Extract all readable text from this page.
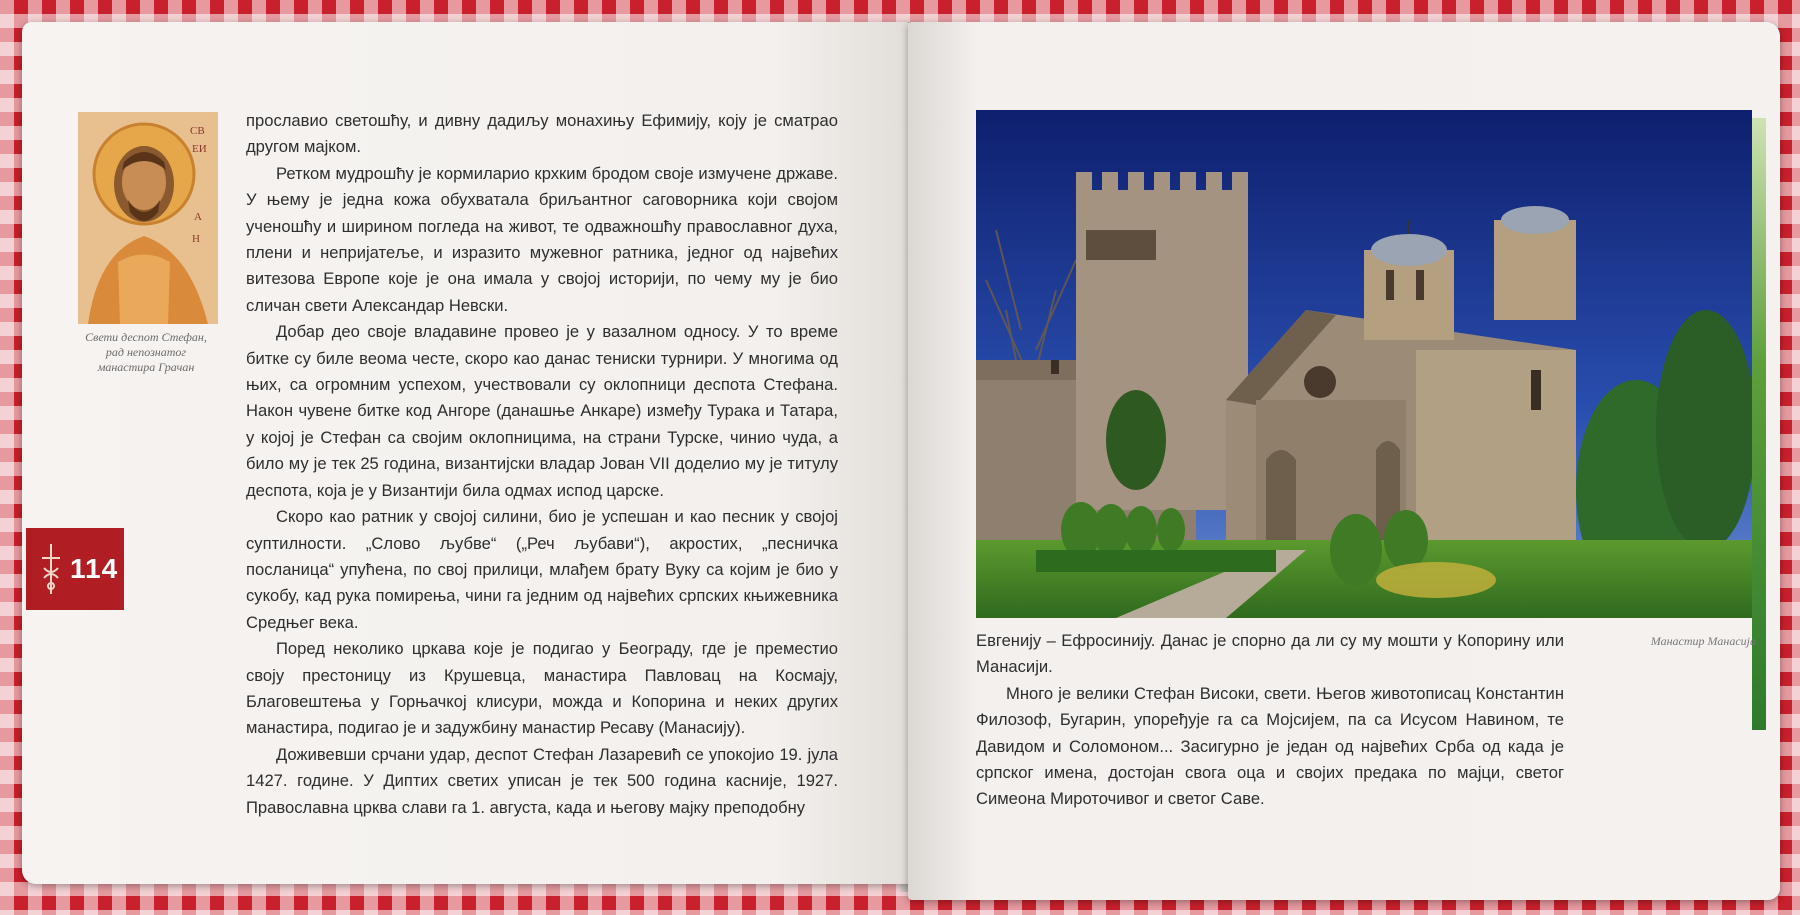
СВ
ЕИ
А
Н
Свети деспот Стефан,
рад непознатог
манастира Грачан
114

прославио светошћу, и дивну дадиљу монахињу Ефимију, коју је сматрао другом мајком.

Ретком мудрошћу је кормиларио крхким бродом своје измучене државе. У њему је једна кожа обухватала бриљантног саговорника који својом ученошћу и ширином погледа на живот, те одважношћу православног духа, плени и непријатеље, и изразито мужевног ратника, једног од највећих витезова Европе које је она имала у својој историји, по чему му је био сличан свети Александар Невски.

Добар део своје владавине провео је у вазалном односу. У то време битке су биле веома честе, скоро као данас тениски турнири. У многима од њих, са огромним успехом, учествовали су оклопници деспота Стефана. Након чувене битке код Ангоре (данашње Анкаре) између Турака и Татара, у којој је Стефан са својим оклопницима, на страни Турске, чинио чуда, а било му је тек 25 година, византијски владар Јован VII доделио му је титулу деспота, која је у Византији била одмах испод царске.

Скоро као ратник у својој силини, био је успешан и као песник у својој суптилности. „Слово љубве“ („Реч љубави“), акростих, „песничка посланица“ упућена, по свој прилици, млађем брату Вуку са којим је био у сукобу, кад рука помирења, чини га једним од највећих српских књижевника Средњег века.

Поред неколико цркава које је подигао у Београду, где је преместио своју престоницу из Крушевца, манастира Павловац на Космају, Благовештења у Горњачкој клисури, можда и Копорина и неких других манастира, подигао је и задужбину манастир Ресаву (Манасију).

Доживевши срчани удар, деспот Стефан Лазаревић се упокојио 19. јула 1427. године. У Диптих светих уписан је тек 500 година касније, 1927. Православна црква слави га 1. августа, када и његову мајку преподобну

Манастир Манасија

Евгенију – Ефросинију. Данас је спорно да ли су му мошти у Копорину или Манасији.

Много је велики Стефан Високи, свети. Његов животописац Константин Филозоф, Бугарин, упоређује га са Мојсијем, па са Исусом Навином, те Давидом и Соломоном... Засигурно је један од највећих Срба од када је српског имена, достојан свога оца и својих предака по мајци, светог Симеона Мироточивог и светог Саве.
